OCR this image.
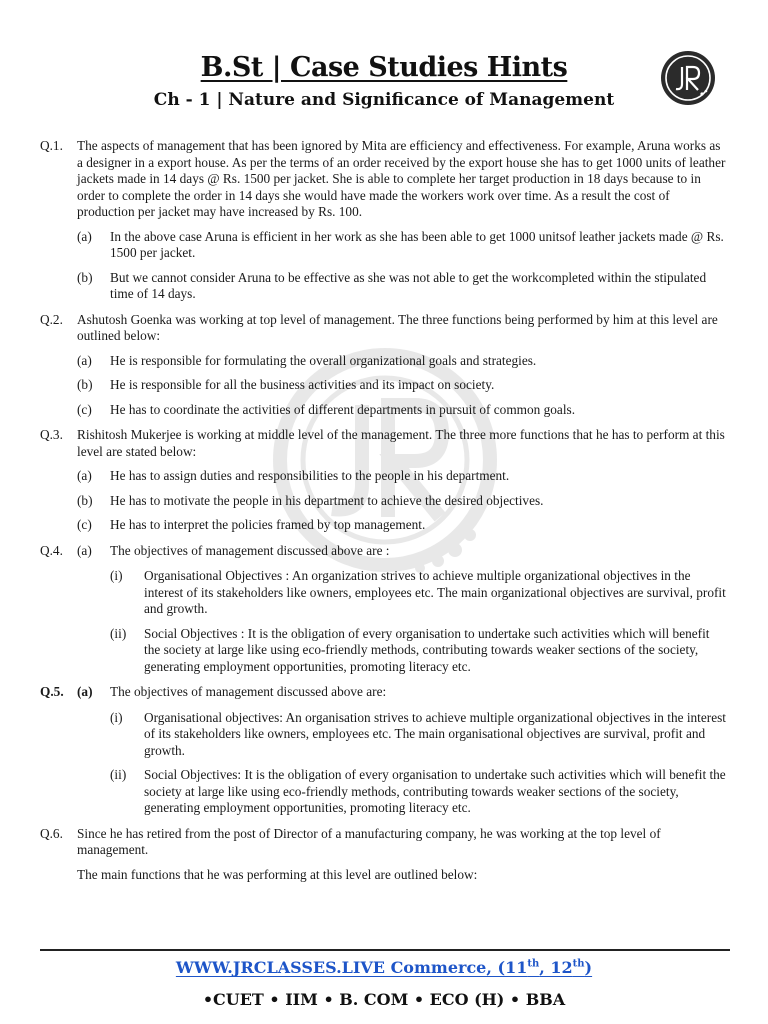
B.St | Case Studies Hints
Ch - 1 | Nature and Significance of Management
Q.1. The aspects of management that has been ignored by Mita are efficiency and effectiveness. For example, Aruna works as a designer in a export house. As per the terms of an order received by the export house she has to get 1000 units of leather jackets made in 14 days @ Rs. 1500 per jacket. She is able to complete her target production in 18 days because to in order to complete the order in 14 days she would have made the workers work over time. As a result the cost of production per jacket may have increased by Rs. 100.
(a) In the above case Aruna is efficient in her work as she has been able to get 1000 unitsof leather jackets made @ Rs. 1500 per jacket.
(b) But we cannot consider Aruna to be effective as she was not able to get the workcompleted within the stipulated time of 14 days.
Q.2. Ashutosh Goenka was working at top level of management. The three functions being performed by him at this level are outlined below:
(a) He is responsible for formulating the overall organizational goals and strategies.
(b) He is responsible for all the business activities and its impact on society.
(c) He has to coordinate the activities of different departments in pursuit of common goals.
Q.3. Rishitosh Mukerjee is working at middle level of the management. The three more functions that he has to perform at this level are stated below:
(a) He has to assign duties and responsibilities to the people in his department.
(b) He has to motivate the people in his department to achieve the desired objectives.
(c) He has to interpret the policies framed by top management.
Q.4. (a) The objectives of management discussed above are :
(i) Organisational Objectives : An organization strives to achieve multiple organizational objectives in the interest of its stakeholders like owners, employees etc. The main organizational objectives are survival, profit and growth.
(ii) Social Objectives : It is the obligation of every organisation to undertake such activities which will benefit the society at large like using eco-friendly methods, contributing towards weaker sections of the society, generating employment opportunities, promoting literacy etc.
Q.5. (a) The objectives of management discussed above are:
(i) Organisational objectives: An organisation strives to achieve multiple organizational objectives in the interest of its stakeholders like owners, employees etc. The main organisational objectives are survival, profit and growth.
(ii) Social Objectives: It is the obligation of every organisation to undertake such activities which will benefit the society at large like using eco-friendly methods, contributing towards weaker sections of the society, generating employment opportunities, promoting literacy etc.
Q.6. Since he has retired from the post of Director of a manufacturing company, he was working at the top level of management.
The main functions that he was performing at this level are outlined below:
WWW.JRCLASSES.LIVE Commerce, (11th, 12th)
•CUET • IIM • B. COM • ECO (H) • BBA
